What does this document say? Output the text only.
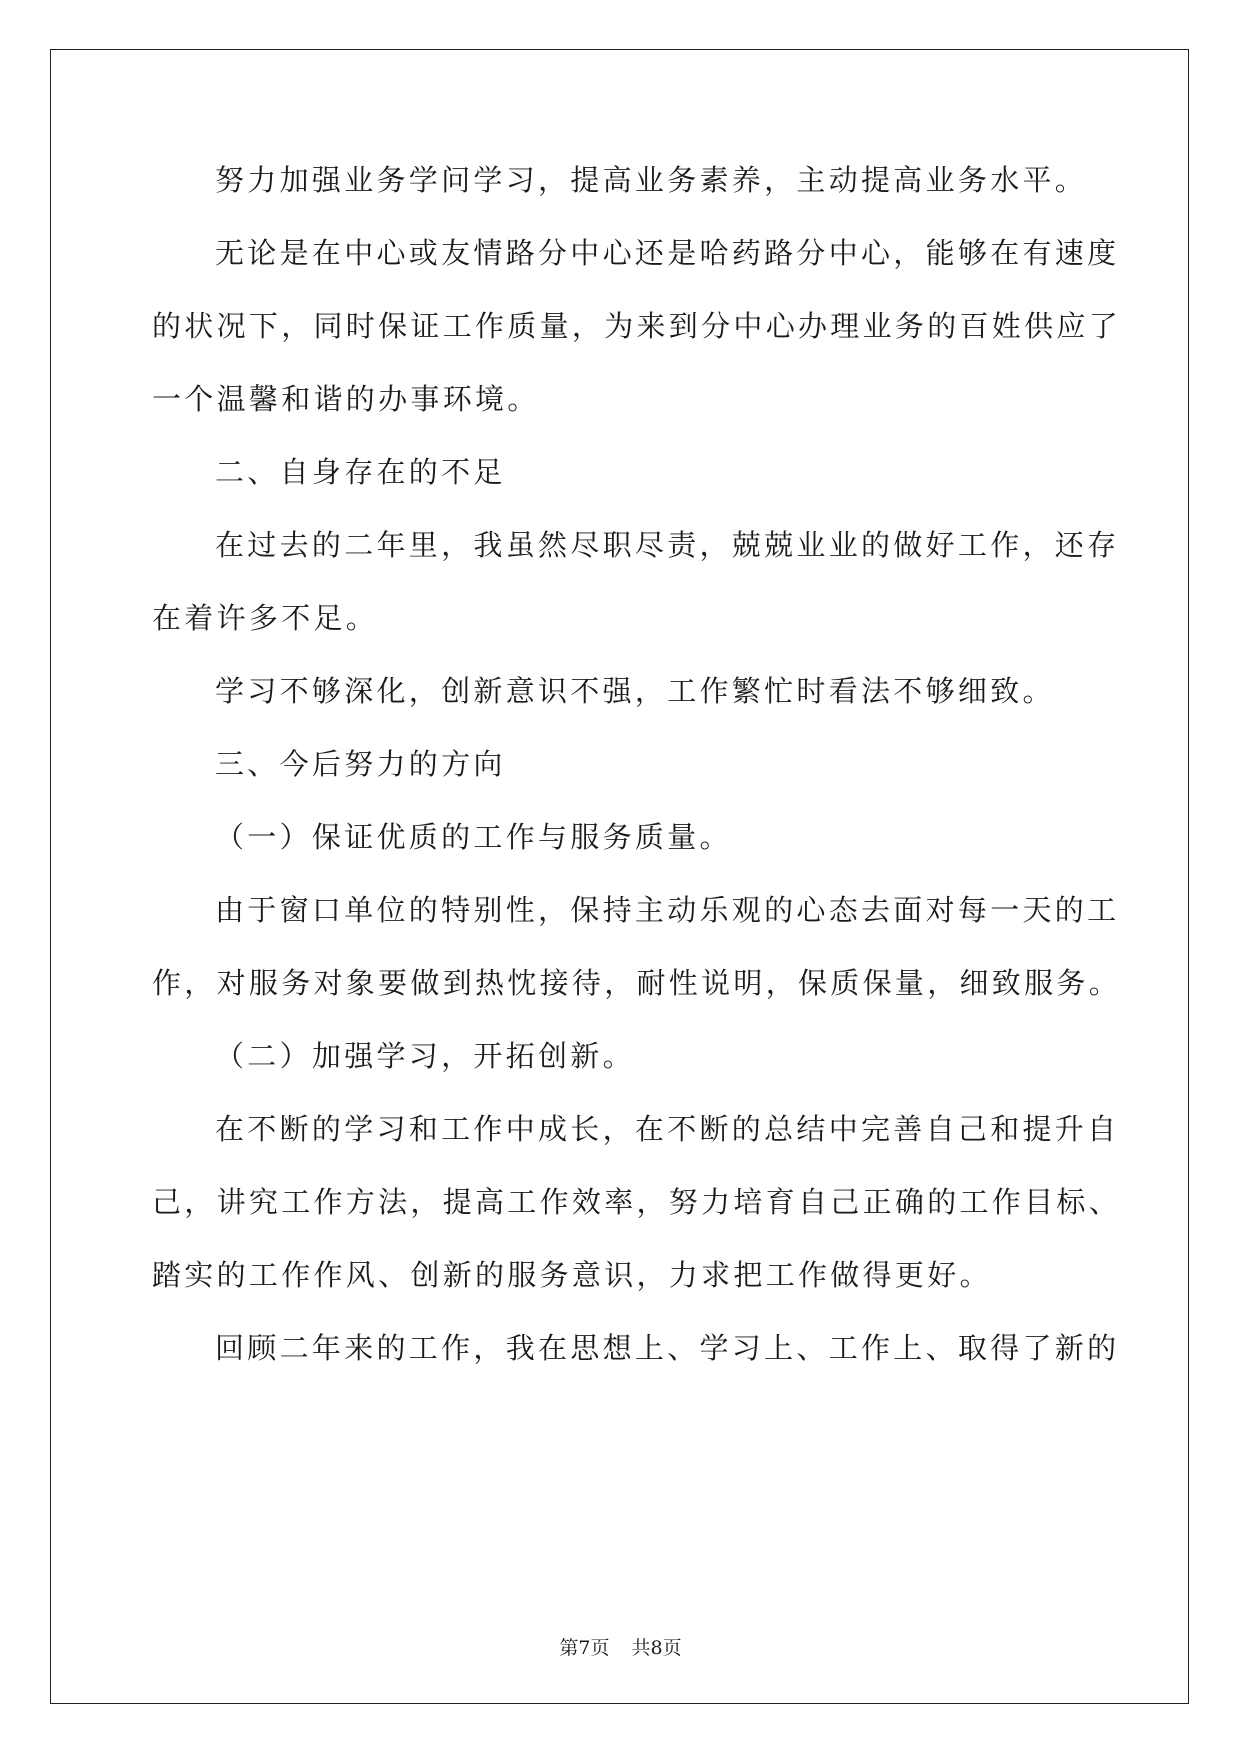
努力加强业务学问学习，提高业务素养，主动提高业务水平。
无论是在中心或友情路分中心还是哈药路分中心，能够在有速度
的状况下，同时保证工作质量，为来到分中心办理业务的百姓供应了
一个温馨和谐的办事环境。
二、自身存在的不足
在过去的二年里，我虽然尽职尽责，兢兢业业的做好工作，还存
在着许多不足。
学习不够深化，创新意识不强，工作繁忙时看法不够细致。
三、今后努力的方向
（一）保证优质的工作与服务质量。
由于窗口单位的特别性，保持主动乐观的心态去面对每一天的工
作，对服务对象要做到热忱接待，耐性说明，保质保量，细致服务。
（二）加强学习，开拓创新。
在不断的学习和工作中成长，在不断的总结中完善自己和提升自
己，讲究工作方法，提高工作效率，努力培育自己正确的工作目标、
踏实的工作作风、创新的服务意识，力求把工作做得更好。
回顾二年来的工作，我在思想上、学习上、工作上、取得了新的
第7页 共8页
